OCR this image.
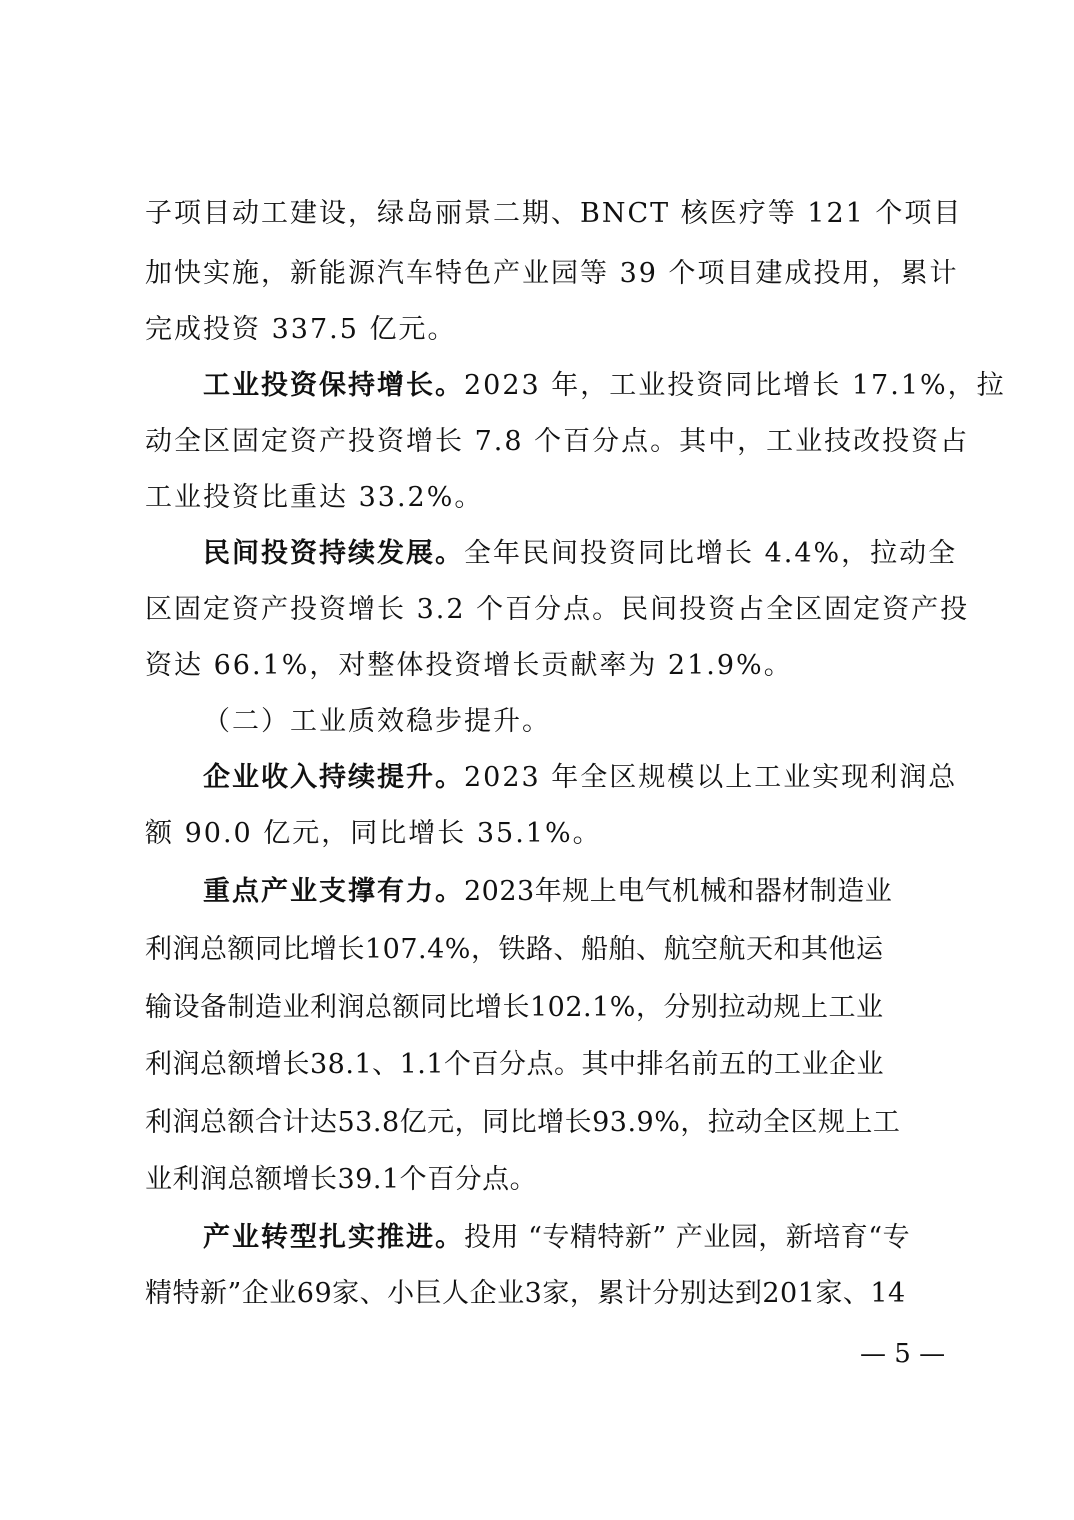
子项目动工建设，绿岛丽景二期、BNCT 核医疗等 121 个项目
加快实施，新能源汽车特色产业园等 39 个项目建成投用，累计
完成投资 337.5 亿元。
工业投资保持增长。2023 年，工业投资同比增长 17.1%，拉
动全区固定资产投资增长 7.8 个百分点。其中，工业技改投资占
工业投资比重达 33.2%。
民间投资持续发展。全年民间投资同比增长 4.4%，拉动全
区固定资产投资增长 3.2 个百分点。民间投资占全区固定资产投
资达 66.1%，对整体投资增长贡献率为 21.9%。
（二）工业质效稳步提升。
企业收入持续提升。2023 年全区规模以上工业实现利润总
额 90.0 亿元，同比增长 35.1%。
重点产业支撑有力。2023年规上电气机械和器材制造业
利润总额同比增长107.4%，铁路、船舶、航空航天和其他运
输设备制造业利润总额同比增长102.1%，分别拉动规上工业
利润总额增长38.1、1.1个百分点。其中排名前五的工业企业
利润总额合计达53.8亿元，同比增长93.9%，拉动全区规上工
业利润总额增长39.1个百分点。
产业转型扎实推进。投用 “专精特新” 产业园，新培育“专
精特新”企业69家、小巨人企业3家，累计分别达到201家、14
— 5 —
